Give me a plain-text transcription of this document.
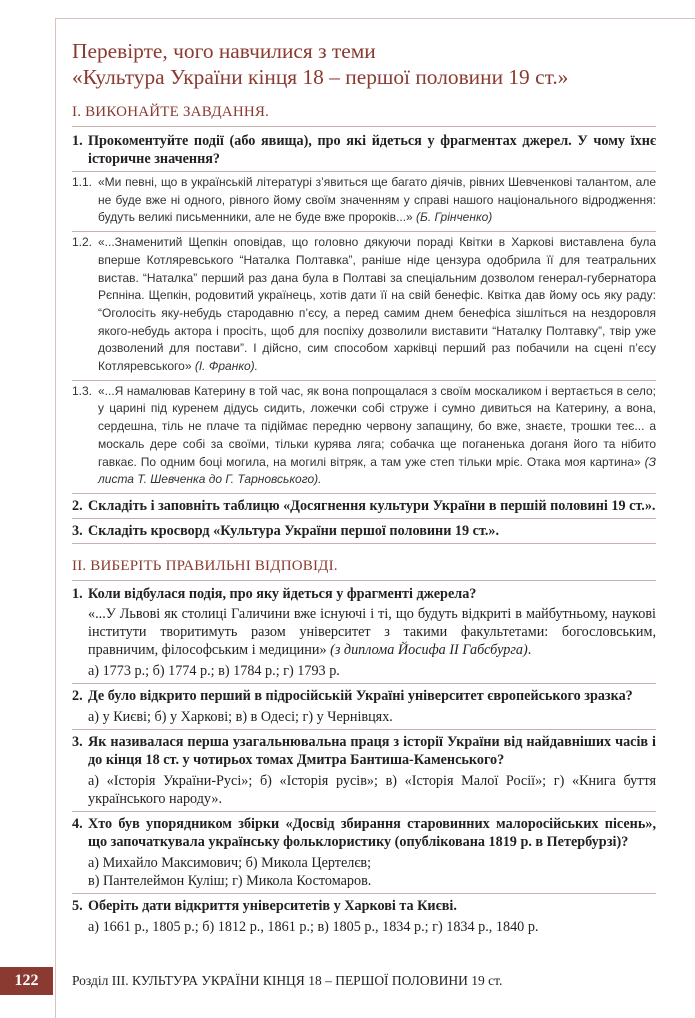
Перевірте, чого навчилися з теми
«Культура України кінця 18 – першої половини 19 ст.»
І. ВИКОНАЙТЕ ЗАВДАННЯ.
1. Прокоментуйте події (або явища), про які йдеться у фрагментах джерел. У чому їхнє історичне значення?
1.1. «Ми певні, що в українській літературі з’явиться ще багато діячів, рівних Шевченкові талантом, але не буде вже ні одного, рівного йому своїм значенням у справі нашого національного відродження: будуть великі письменники, але не буде вже пророків...» (Б. Грінченко)
1.2. «...Знаменитий Щепкін оповідав, що головно дякуючи пораді Квітки в Харкові виставлена була вперше Котляревського “Наталка Полтавка”, раніше ніде цензура одобрила її для театральних вистав. “Наталка” перший раз дана була в Полтаві за спеціальним дозволом генерал-губернатора Рєпніна. Щепкін, родовитий українець, хотів дати її на свій бенефіс. Квітка дав йому ось яку раду: “Оголосіть яку-небудь стародавню п’єсу, а перед самим днем бенефіса зішліться на нездоровля якого-небудь актора і просіть, щоб для поспіху дозволили виставити “Наталку Полтавку”, твір уже дозволений для постави”. І дійсно, сим способом харківці перший раз побачили на сцені п’єсу Котляревського» (І. Франко).
1.3. «...Я намалював Катерину в той час, як вона попрощалася з своїм москаликом і вертається в село; у царині під куренем дідусь сидить, ложечки собі струже і сумно дивиться на Катерину, а вона, сердешна, тіль не плаче та підіймає передню червону запащину, бо вже, знаєте, трошки теє... а москаль дере собі за своїми, тільки курява ляга; собачка ще поганенька доганя його та нібито гавкає. По одним боці могила, на могилі вітряк, а там уже степ тільки мріє. Отака моя картина» (З листа Т. Шевченка до Г. Тарновського).
2. Складіть і заповніть таблицю «Досягнення культури України в першій половині 19 ст.».
3. Складіть кросворд «Культура України першої половини 19 ст.».
ІІ. ВИБЕРІТЬ ПРАВИЛЬНІ ВІДПОВІДІ.
1. Коли відбулася подія, про яку йдеться у фрагменті джерела?
«...У Львові як столиці Галичини вже існуючі і ті, що будуть відкриті в майбутньому, наукові інститути творитимуть разом університет з такими факультетами: богословським, правничим, філософським і медицини» (з диплома Йосифа ІІ Габсбурга).
а) 1773 р.; б) 1774 р.; в) 1784 р.; г) 1793 р.
2. Де було відкрито перший в підросійській Україні університет європейського зразка?
а) у Києві; б) у Харкові; в) в Одесі; г) у Чернівцях.
3. Як називалася перша узагальнювальна праця з історії України від найдавніших часів і до кінця 18 ст. у чотирьох томах Дмитра Бантиша-Каменського?
а) «Історія України-Русі»; б) «Історія русів»; в) «Історія Малої Росії»; г) «Книга буття українського народу».
4. Хто був упорядником збірки «Досвід збирання старовинних малоросійських пісень», що започаткувала українську фольклористику (опублікована 1819 р. в Петербурзі)?
а) Михайло Максимович; б) Микола Цертелєв;
в) Пантелеймон Куліш; г) Микола Костомаров.
5. Оберіть дати відкриття університетів у Харкові та Києві.
а) 1661 р., 1805 р.; б) 1812 р., 1861 р.; в) 1805 р., 1834 р.; г) 1834 р., 1840 р.
122	Розділ ІІІ. КУЛЬТУРА УКРАЇНИ КІНЦЯ 18 – ПЕРШОЇ ПОЛОВИНИ 19 ст.
